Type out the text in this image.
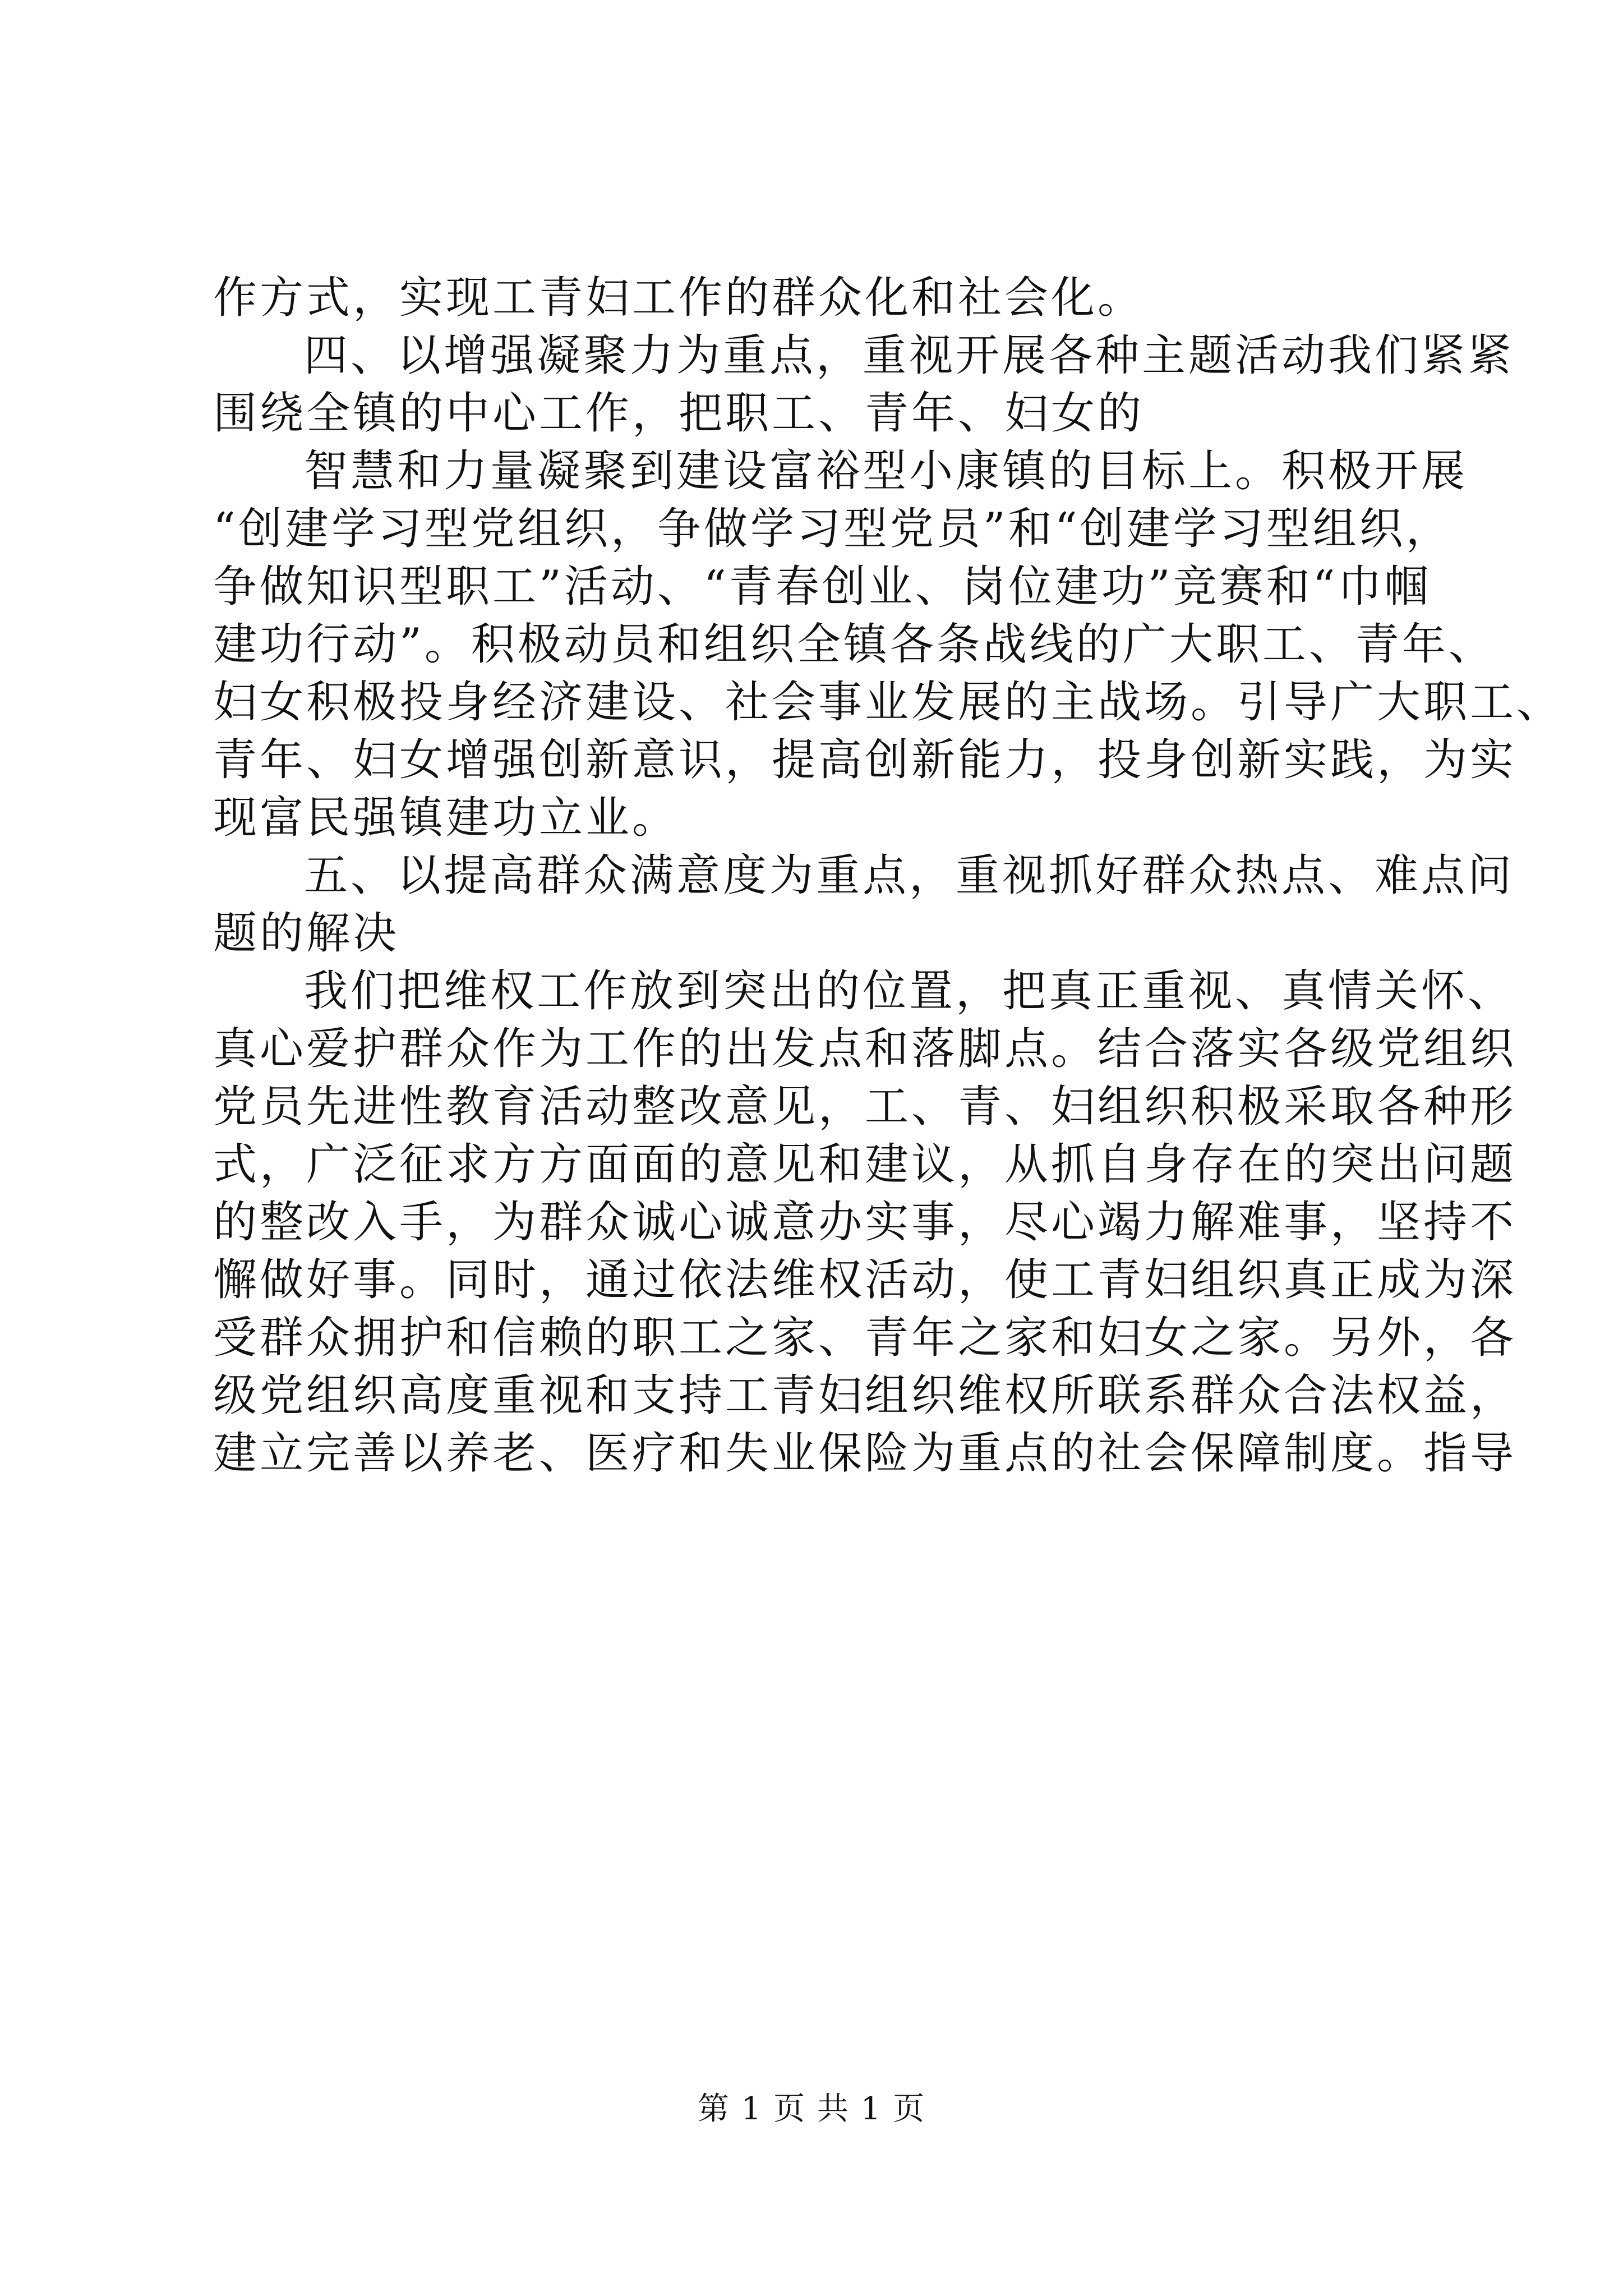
作方式，实现工青妇工作的群众化和社会化。
四、以增强凝聚力为重点，重视开展各种主题活动我们紧紧
围绕全镇的中心工作，把职工、青年、妇女的
智慧和力量凝聚到建设富裕型小康镇的目标上。积极开展
“创建学习型党组织，争做学习型党员”和“创建学习型组织，
争做知识型职工”活动、“青春创业、岗位建功”竞赛和“巾帼
建功行动”。积极动员和组织全镇各条战线的广大职工、青年、
妇女积极投身经济建设、社会事业发展的主战场。引导广大职工、
青年、妇女增强创新意识，提高创新能力，投身创新实践，为实
现富民强镇建功立业。
五、以提高群众满意度为重点，重视抓好群众热点、难点问
题的解决
我们把维权工作放到突出的位置，把真正重视、真情关怀、
真心爱护群众作为工作的出发点和落脚点。结合落实各级党组织
党员先进性教育活动整改意见，工、青、妇组织积极采取各种形
式，广泛征求方方面面的意见和建议，从抓自身存在的突出问题
的整改入手，为群众诚心诚意办实事，尽心竭力解难事，坚持不
懈做好事。同时，通过依法维权活动，使工青妇组织真正成为深
受群众拥护和信赖的职工之家、青年之家和妇女之家。另外，各
级党组织高度重视和支持工青妇组织维权所联系群众合法权益，
建立完善以养老、医疗和失业保险为重点的社会保障制度。指导
第 1 页 共 1 页
